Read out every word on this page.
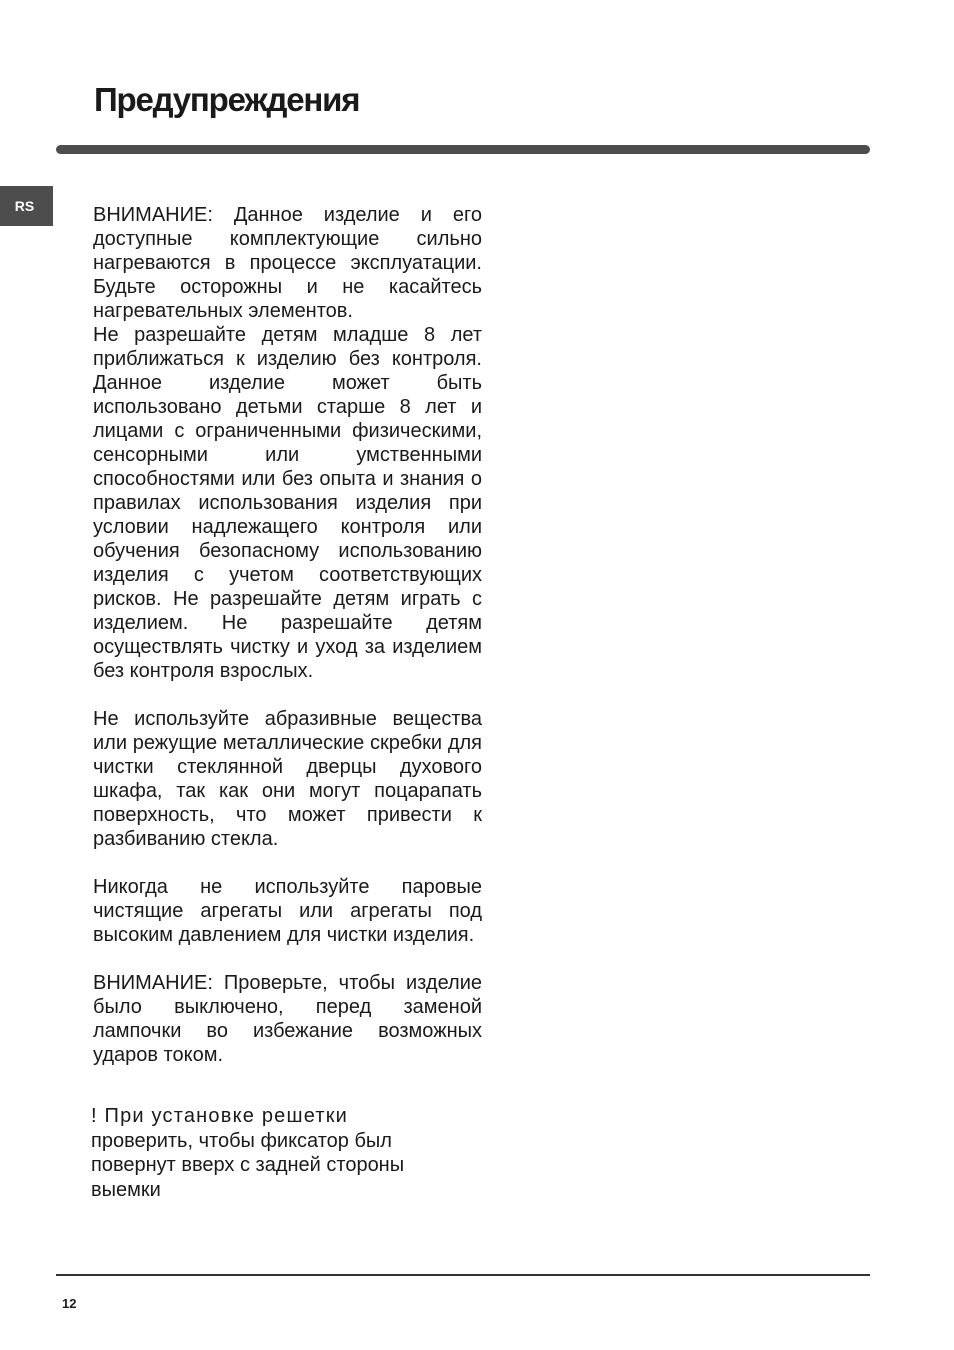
Предупреждения
RS	ВНИМАНИЕ: Данное изделие и его доступные комплектующие сильно нагреваются в процессе эксплуатации. Будьте осторожны и не касайтесь нагревательных элементов.

Не разрешайте детям младше 8 лет приближаться к изделию без контроля. Данное изделие может быть использовано детьми старше 8 лет и лицами с ограниченными физическими, сенсорными или умственными способностями или без опыта и знания о правилах использования изделия при условии надлежащего контроля или обучения безопасному использованию изделия с учетом соответствующих рисков. Не разрешайте детям играть с изделием. Не разрешайте детям осуществлять чистку и уход за изделием без контроля взрослых.

Не используйте абразивные вещества или режущие металлические скребки для чистки стеклянной дверцы духового шкафа, так как они могут поцарапать поверхность, что может привести к разбиванию стекла.

Никогда не используйте паровые чистящие агрегаты или агрегаты под высоким давлением для чистки изделия.

ВНИМАНИЕ: Проверьте, чтобы изделие было выключено, перед заменой лампочки во избежание возможных ударов током.

! При установке решетки

проверить, чтобы фиксатор был

повернут вверх с задней стороны

выемки

12
